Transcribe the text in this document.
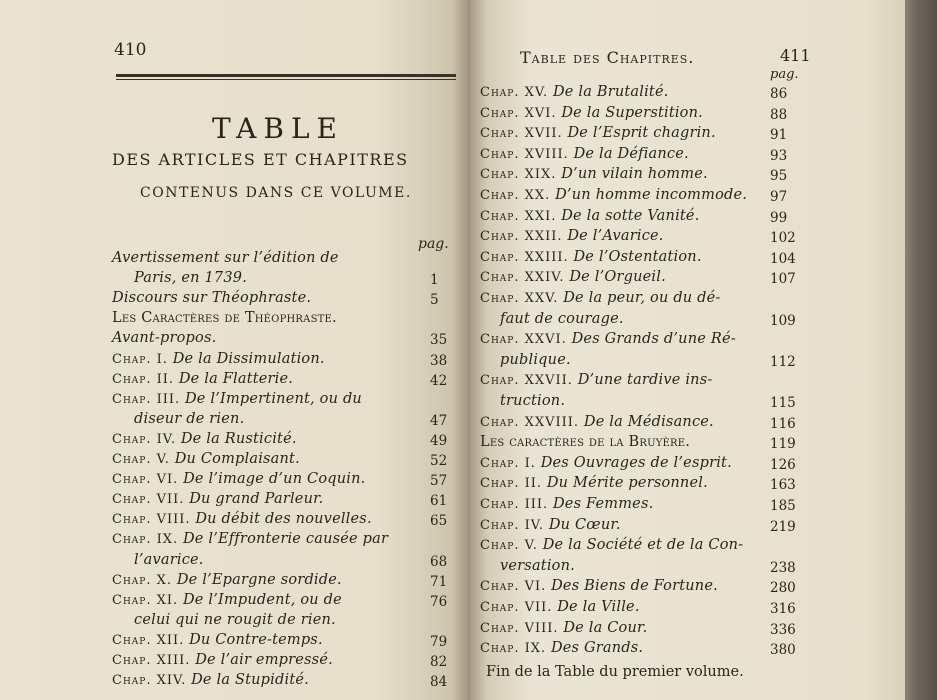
410
TABLE
DES ARTICLES ET CHAPITRES
CONTENUS DANS CE VOLUME.
pag.
Avertissement sur l’édition de
Paris, en 1739.	1
Discours sur Théophraste.	5
Les Caractères de Théophraste.
Avant-propos.	35
Chap. I. De la Dissimulation.	38
Chap. II. De la Flatterie.	42
Chap. III. De l’Impertinent, ou du
diseur de rien.	47
Chap. IV. De la Rusticité.	49
Chap. V. Du Complaisant.	52
Chap. VI. De l’image d’un Coquin.	57
Chap. VII. Du grand Parleur.	61
Chap. VIII. Du débit des nouvelles.	65
Chap. IX. De l’Effronterie causée par
l’avarice.	68
Chap. X. De l’Epargne sordide.	71
Chap. XI. De l’Impudent, ou de	76
celui qui ne rougit de rien.
Chap. XII. Du Contre-temps.	79
Chap. XIII. De l’air empressé.	82
Chap. XIV. De la Stupidité.	84
Table des Chapitres.	411
pag.
Chap. XV. De la Brutalité.	86
Chap. XVI. De la Superstition.	88
Chap. XVII. De l’Esprit chagrin.	91
Chap. XVIII. De la Défiance.	93
Chap. XIX. D’un vilain homme.	95
Chap. XX. D’un homme incommode. 97
Chap. XXI. De la sotte Vanité.	99
Chap. XXII. De l’Avarice.	102
Chap. XXIII. De l’Ostentation.	104
Chap. XXIV. De l’Orgueil.	107
Chap. XXV. De la peur, ou du dé-
faut de courage.	109
Chap. XXVI. Des Grands d’une Ré-
publique.	112
Chap. XXVII. D’une tardive ins-
truction.	115
Chap. XXVIII. De la Médisance.	116
Les caractères de la Bruyère.	119
Chap. I. Des Ouvrages de l’esprit.	126
Chap. II. Du Mérite personnel.	163
Chap. III. Des Femmes.	185
Chap. IV. Du Cœur.	219
Chap. V. De la Société et de la Con-
versation.	238
Chap. VI. Des Biens de Fortune.	280
Chap. VII. De la Ville.	316
Chap. VIII. De la Cour.	336
Chap. IX. Des Grands.	380
Fin de la Table du premier volume.
